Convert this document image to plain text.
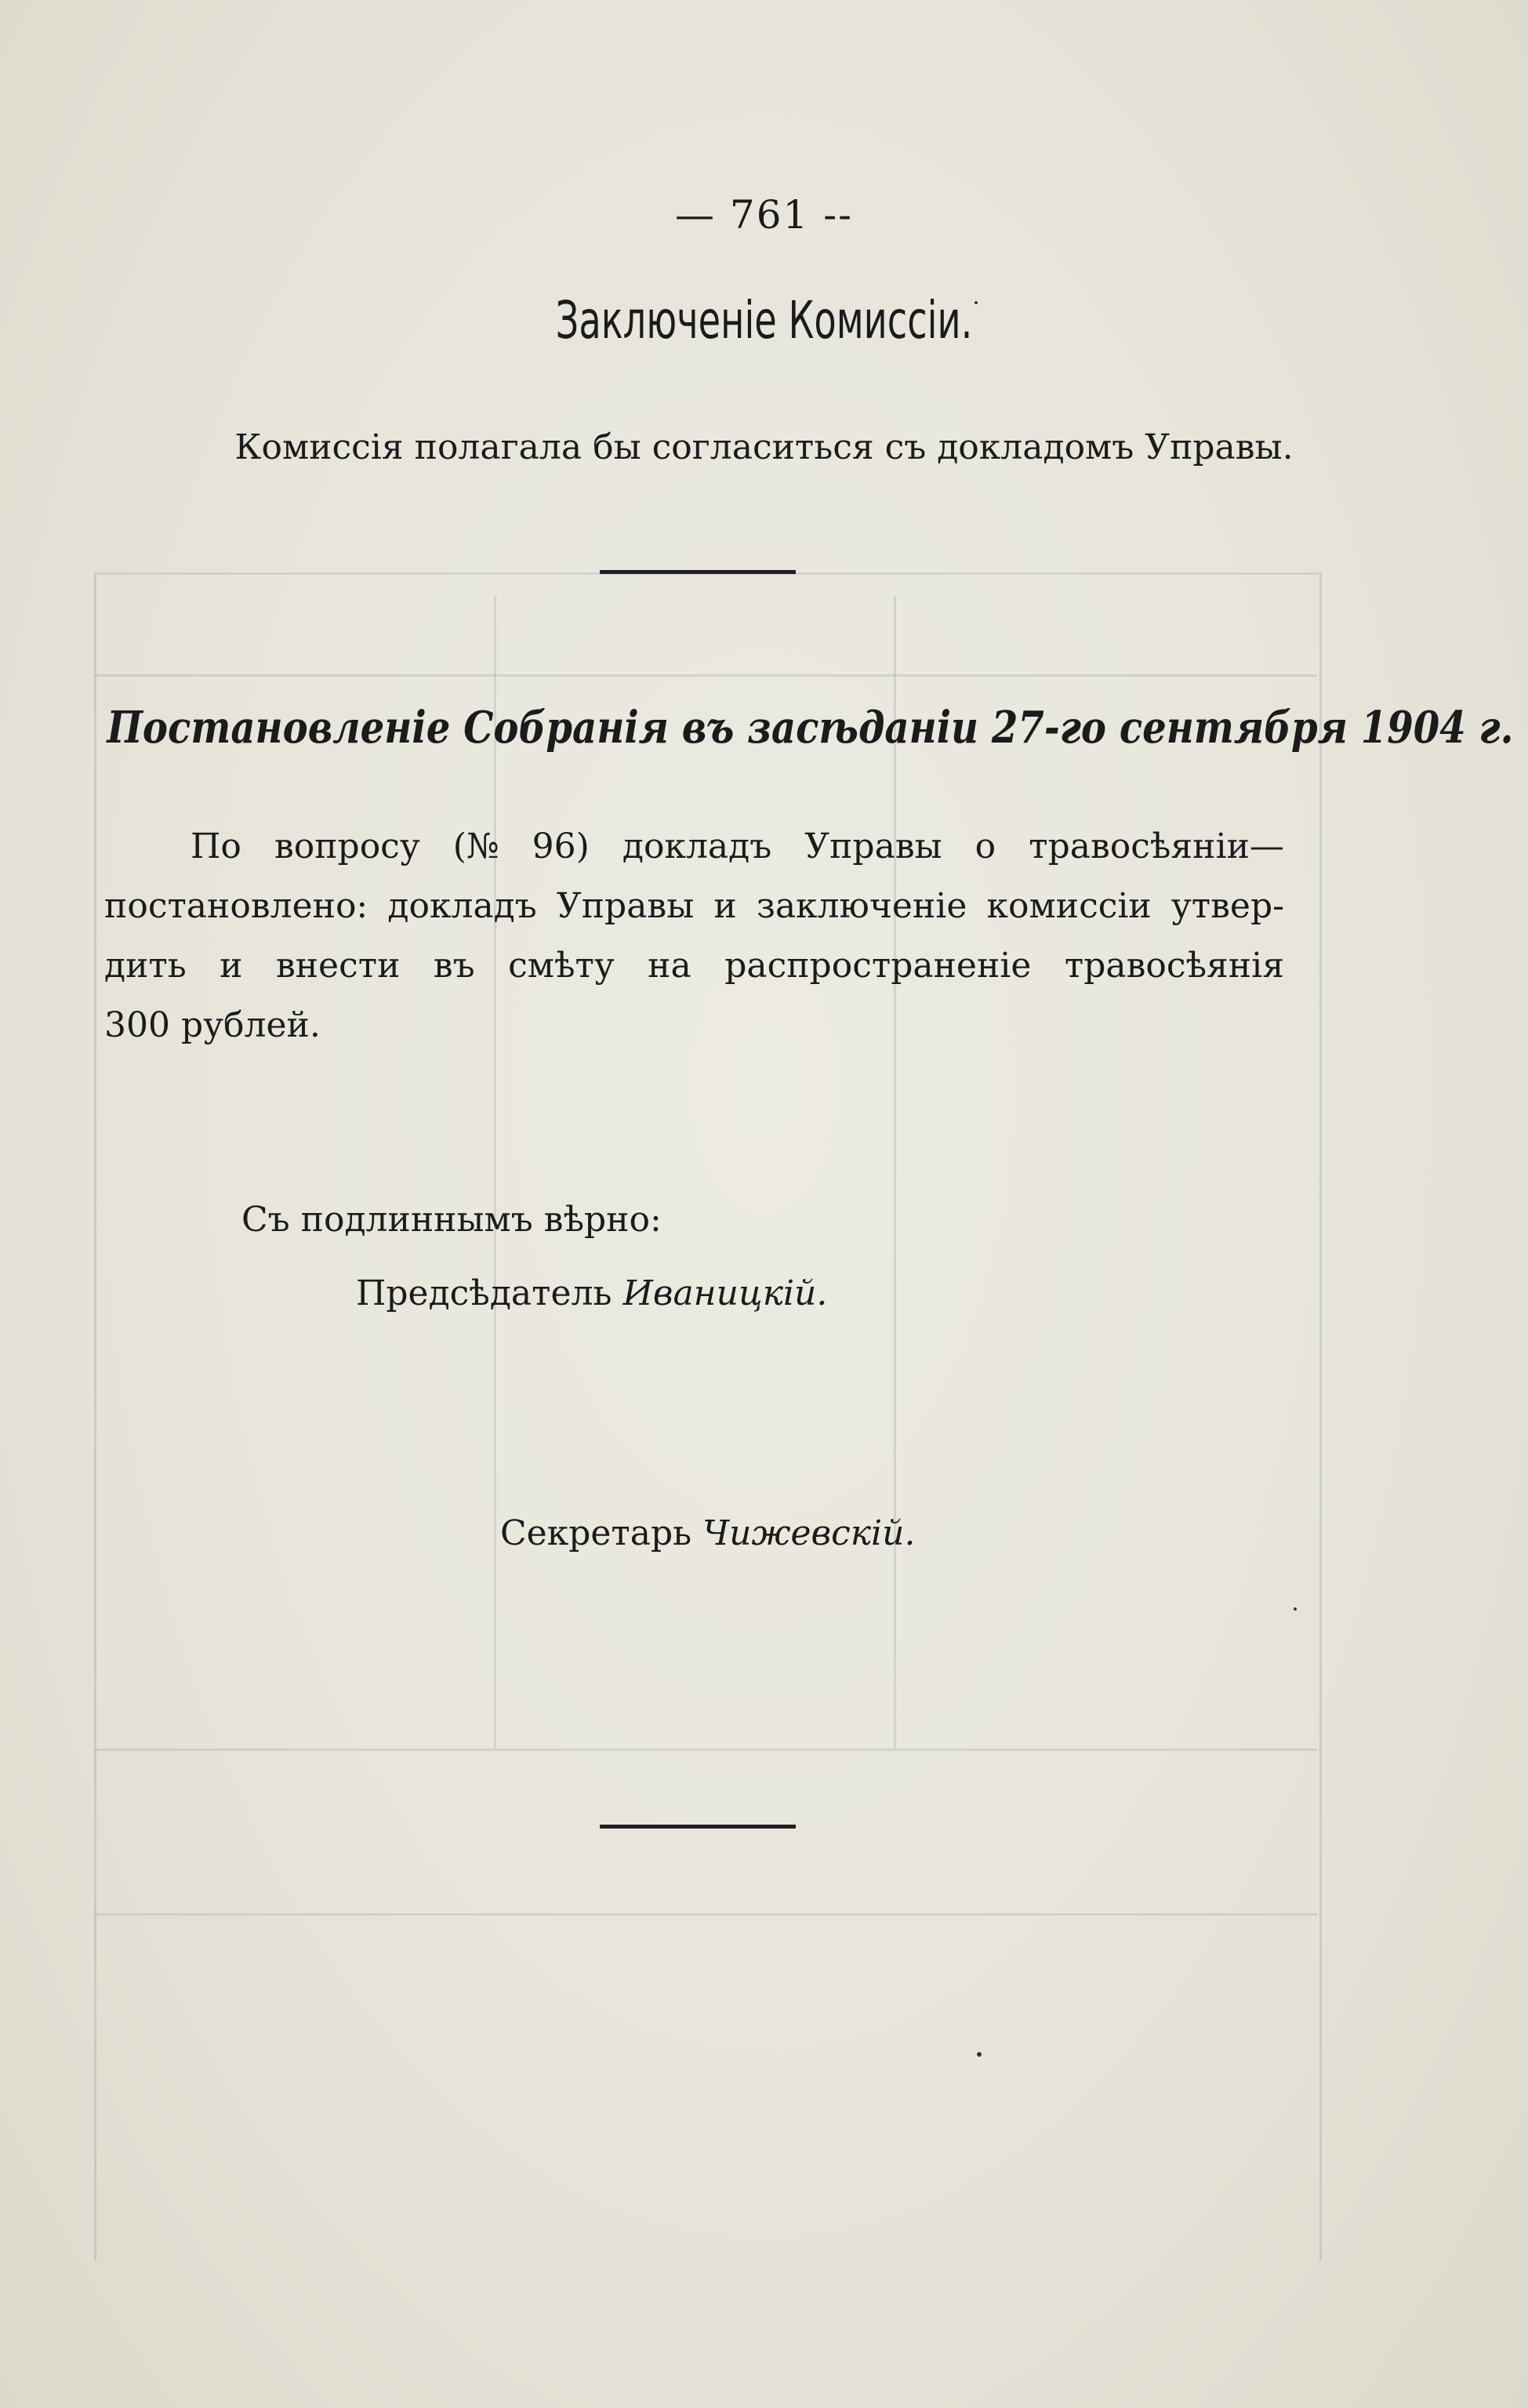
— 761 --
Заключеніе Комиссіи.
Комиссія полагала бы согласиться съ докладомъ Управы.
Постановленіе Собранія въ засѣданіи 27-го сентября 1904 г.
По вопросу (№ 96) докладъ Управы о травосѣяніи—
постановлено: докладъ Управы и заключеніе комиссіи утвер-
дить и внести въ смѣту на распространеніе травосѣянія
300
рублей.
Съ подлиннымъ вѣрно:
Предсѣдатель Иваницкій.
Секретарь Чижевскій.
